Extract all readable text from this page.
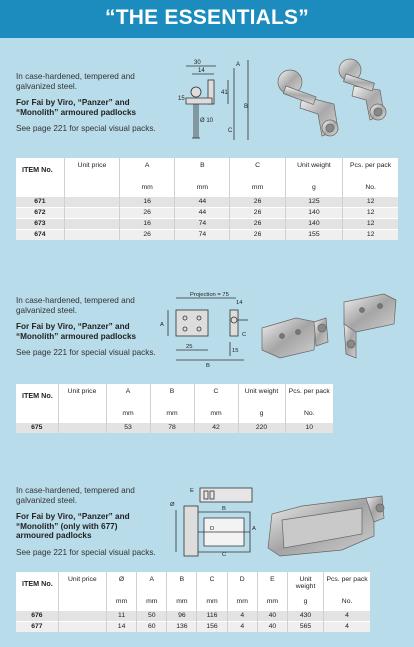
“THE ESSENTIALS”
In case-hardened, tempered and galvanized steel.
For Fai by Viro, “Panzer” and “Monolith” armoured padlocks
See page 221 for special visual packs.
30
14
A
15
41
C
B
Ø 10
ITEM No.	Unit price	A	B	C	Unit weight	Pcs. per pack
		mm	mm	mm	g	No.
671		16	44	26	125	12
672		26	44	26	140	12
673		16	74	26	140	12
674		26	74	26	155	12
In case-hardened, tempered and galvanized steel.
For Fai by Viro, “Panzer” and “Monolith” armoured padlocks
See page 221 for special visual packs.
Projection = 75
14
A
25
15
B
C
ITEM No.	Unit price	A	B	C	Unit weight	Pcs. per pack
		mm	mm	mm	g	No.
675		53	78	42	220	10
In case-hardened, tempered and galvanized steel.
For Fai by Viro, “Panzer” and “Monolith” (only with 677) armoured padlocks
See page 221 for special visual packs.
E
Ø
B
A
D
C
ITEM No.	Unit price	Ø	A	B	C	D	E	Unit weight	Pcs. per pack
		mm	mm	mm	mm	mm	mm	g	No.
676		11	50	96	116	4	40	430	4
677		14	60	136	156	4	40	565	4
